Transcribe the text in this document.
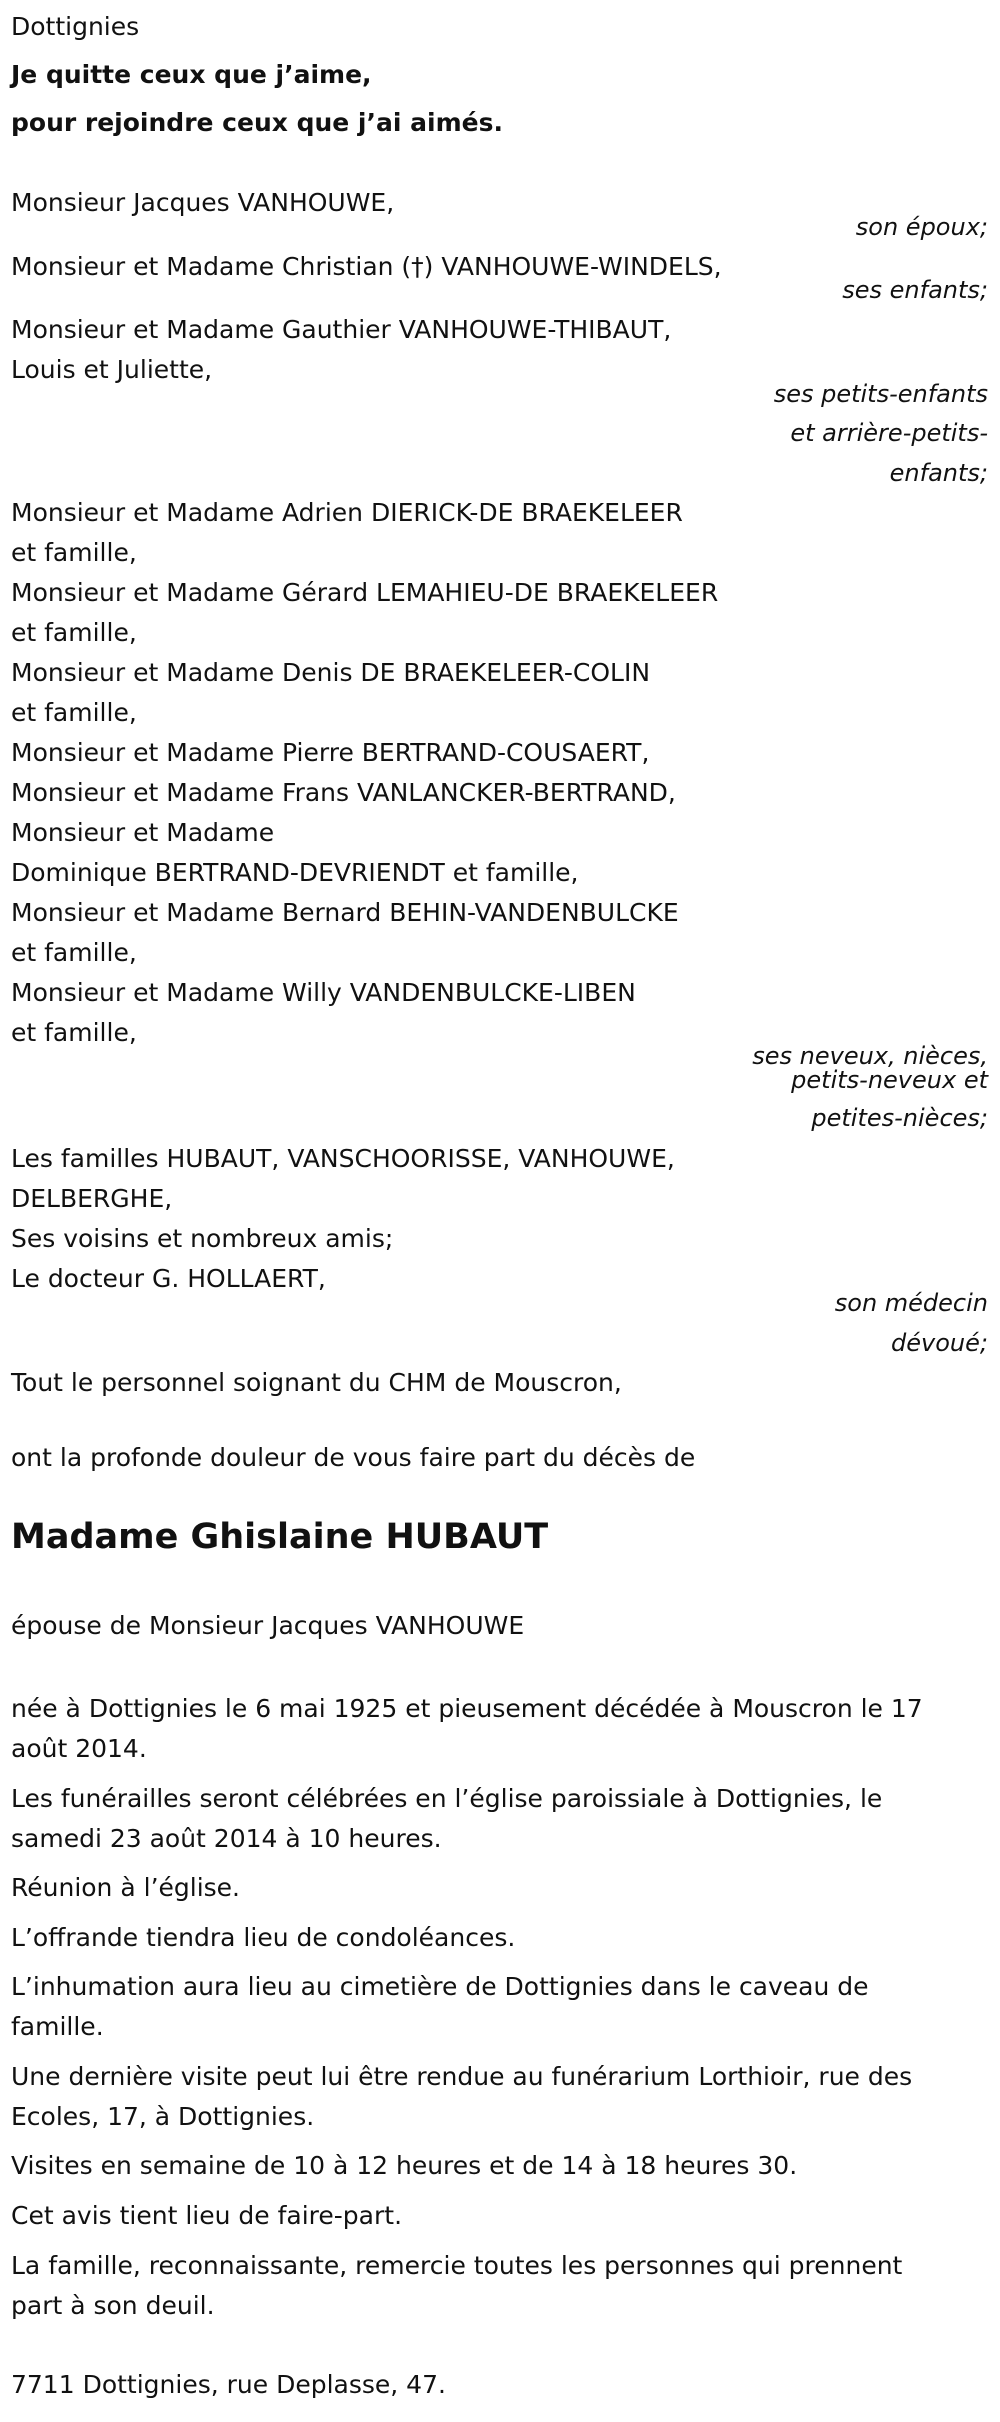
Dottignies
Je quitte ceux que j’aime,
pour rejoindre ceux que j’ai aimés.
Monsieur Jacques VANHOUWE,
son époux;
Monsieur et Madame Christian (†) VANHOUWE-WINDELS,
ses enfants;
Monsieur et Madame Gauthier VANHOUWE-THIBAUT,
Louis et Juliette,
ses petits-enfants
et arrière-petits-
enfants;
Monsieur et Madame Adrien DIERICK-DE BRAEKELEER
et famille,
Monsieur et Madame Gérard LEMAHIEU-DE BRAEKELEER
et famille,
Monsieur et Madame Denis DE BRAEKELEER-COLIN
et famille,
Monsieur et Madame Pierre BERTRAND-COUSAERT,
Monsieur et Madame Frans VANLANCKER-BERTRAND,
Monsieur et Madame
Dominique BERTRAND-DEVRIENDT et famille,
Monsieur et Madame Bernard BEHIN-VANDENBULCKE
et famille,
Monsieur et Madame Willy VANDENBULCKE-LIBEN
et famille,
ses neveux, nièces,
petits-neveux et
petites-nièces;
Les familles HUBAUT, VANSCHOORISSE, VANHOUWE,
DELBERGHE,
Ses voisins et nombreux amis;
Le docteur G. HOLLAERT,
son médecin
dévoué;
Tout le personnel soignant du CHM de Mouscron,
ont la profonde douleur de vous faire part du décès de
Madame Ghislaine HUBAUT
épouse de Monsieur Jacques VANHOUWE
née à Dottignies le 6 mai 1925 et pieusement décédée à Mouscron le 17
août 2014.
Les funérailles seront célébrées en l’église paroissiale à Dottignies, le
samedi 23 août 2014 à 10 heures.
Réunion à l’église.
L’offrande tiendra lieu de condoléances.
L’inhumation aura lieu au cimetière de Dottignies dans le caveau de
famille.
Une dernière visite peut lui être rendue au funérarium Lorthioir, rue des
Ecoles, 17, à Dottignies.
Visites en semaine de 10 à 12 heures et de 14 à 18 heures 30.
Cet avis tient lieu de faire-part.
La famille, reconnaissante, remercie toutes les personnes qui prennent
part à son deuil.
7711 Dottignies, rue Deplasse, 47.
